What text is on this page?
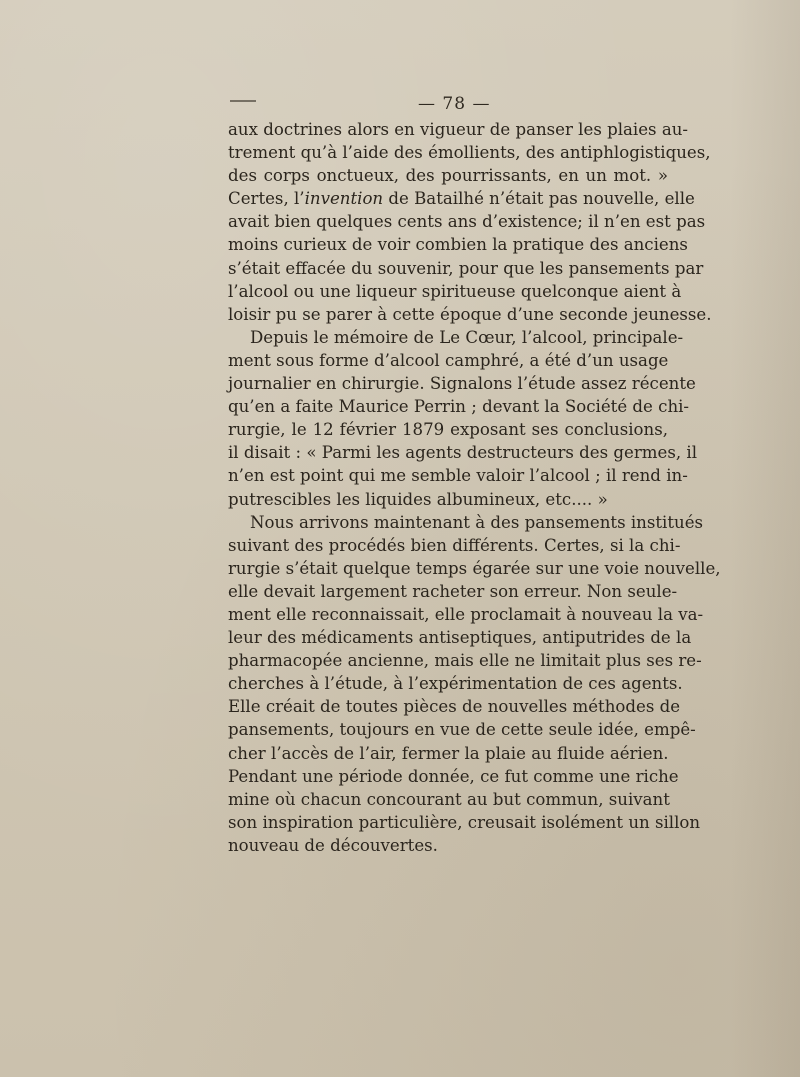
— 78 —
aux doctrines alors en vigueur de panser les plaies au-
trement qu’à l’aide des émollients, des antiphlogistiques,
des corps onctueux, des pourrissants, en un mot. »
Certes, l’invention de Batailhé n’était pas nouvelle, elle
avait bien quelques cents ans d’existence; il n’en est pas
moins curieux de voir combien la pratique des anciens
s’était effacée du souvenir, pour que les pansements par
l’alcool ou une liqueur spiritueuse quelconque aient à
loisir pu se parer à cette époque d’une seconde jeunesse.
Depuis le mémoire de Le Cœur, l’alcool, principale-
ment sous forme d’alcool camphré, a été d’un usage
journalier en chirurgie. Signalons l’étude assez récente
qu’en a faite Maurice Perrin ; devant la Société de chi-
rurgie, le 12 février 1879 exposant ses conclusions,
il disait : « Parmi les agents destructeurs des germes, il
n’en est point qui me semble valoir l’alcool ; il rend in-
putrescibles les liquides albumineux, etc.... »
Nous arrivons maintenant à des pansements institués
suivant des procédés bien différents. Certes, si la chi-
rurgie s’était quelque temps égarée sur une voie nouvelle,
elle devait largement racheter son erreur. Non seule-
ment elle reconnaissait, elle proclamait à nouveau la va-
leur des médicaments antiseptiques, antiputrides de la
pharmacopée ancienne, mais elle ne limitait plus ses re-
cherches à l’étude, à l’expérimentation de ces agents.
Elle créait de toutes pièces de nouvelles méthodes de
pansements, toujours en vue de cette seule idée, empê-
cher l’accès de l’air, fermer la plaie au fluide aérien.
Pendant une période donnée, ce fut comme une riche
mine où chacun concourant au but commun, suivant
son inspiration particulière, creusait isolément un sillon
nouveau de découvertes.
